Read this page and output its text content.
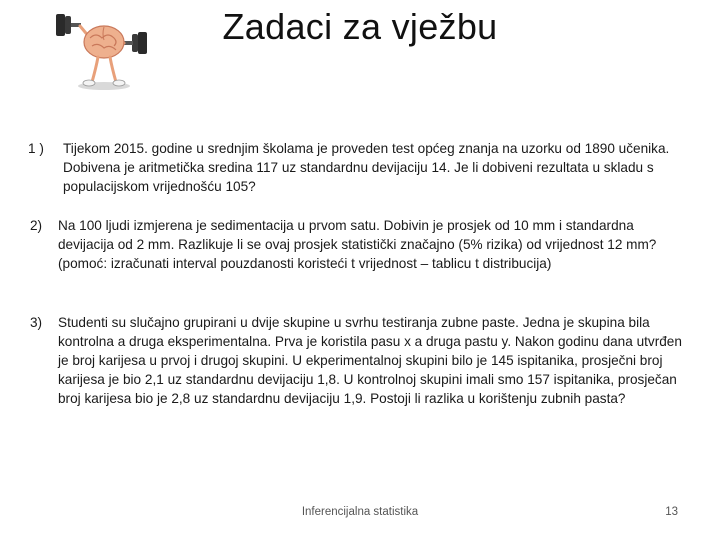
Zadaci za vježbu
1 ) Tijekom 2015. godine u srednjim školama je proveden test općeg znanja na uzorku od 1890 učenika. Dobivena je aritmetička sredina 117 uz standardnu devijaciju 14. Je li dobiveni rezultata u skladu s populacijskom vrijednošću 105?
2) Na 100 ljudi izmjerena je sedimentacija u prvom satu. Dobivin je prosjek od 10 mm i standardna devijacija od 2 mm. Razlikuje li se ovaj prosjek statistički značajno (5% rizika) od vrijednost 12 mm? (pomoć: izračunati interval pouzdanosti koristeći t vrijednost – tablicu t distribucija)
3) Studenti su slučajno grupirani u dvije skupine u svrhu testiranja zubne paste. Jedna je skupina bila kontrolna a druga eksperimentalna. Prva je koristila pasu x a druga pastu y. Nakon godinu dana utvrđen je broj karijesa u prvoj i drugoj skupini. U ekperimentalnoj skupini bilo je 145 ispitanika, prosječni broj karijesa je bio 2,1 uz standardnu devijaciju 1,8. U kontrolnoj skupini imali smo 157 ispitanika, prosječan broj karijesa bio je 2,8 uz standardnu devijaciju 1,9. Postoji li razlika u korištenju zubnih pasta?
Inferencijalna statistika	13
